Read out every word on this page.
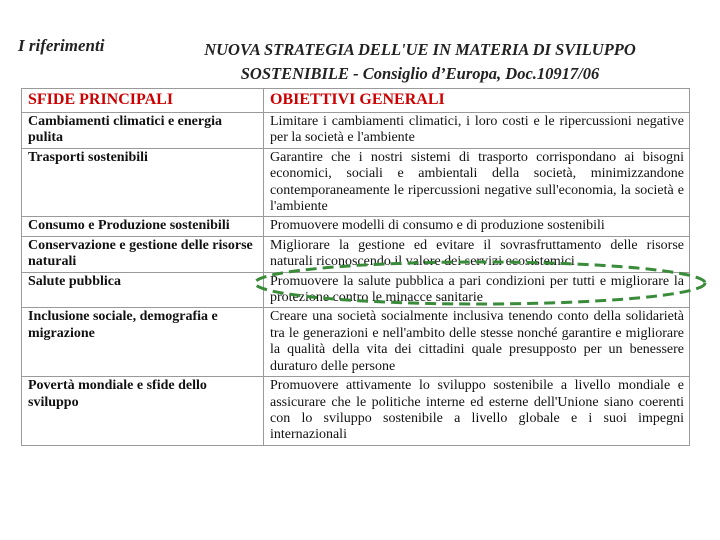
I riferimenti	NUOVA STRATEGIA DELL'UE IN MATERIA DI SVILUPPO
SOSTENIBILE - Consiglio d’Europa, Doc.10917/06
SFIDE PRINCIPALI	OBIETTIVI GENERALI
Cambiamenti climatici e energia pulita	Limitare i cambiamenti climatici, i loro costi e le ripercussioni negative per la società e l'ambiente
Trasporti sostenibili	Garantire che i nostri sistemi di trasporto corrispondano ai bisogni economici, sociali e ambientali della società, minimizzandone contemporaneamente le ripercussioni negative sull'economia, la società e l'ambiente
Consumo e Produzione sostenibili	Promuovere modelli di consumo e di produzione sostenibili
Conservazione e gestione delle risorse naturali	Migliorare la gestione ed evitare il sovrasfruttamento delle risorse naturali riconoscendo il valore dei servizi ecosistemici
Salute pubblica	Promuovere la salute pubblica a pari condizioni per tutti e migliorare la protezione contro le minacce sanitarie
Inclusione sociale, demografia e migrazione	Creare una società socialmente inclusiva tenendo conto della solidarietà tra le generazioni e nell'ambito delle stesse nonché garantire e migliorare la qualità della vita dei cittadini quale presupposto per un benessere duraturo delle persone
Povertà mondiale e sfide dello sviluppo	Promuovere attivamente lo sviluppo sostenibile a livello mondiale e assicurare che le politiche interne ed esterne dell'Unione siano coerenti con lo sviluppo sostenibile a livello globale e i suoi impegni internazionali
